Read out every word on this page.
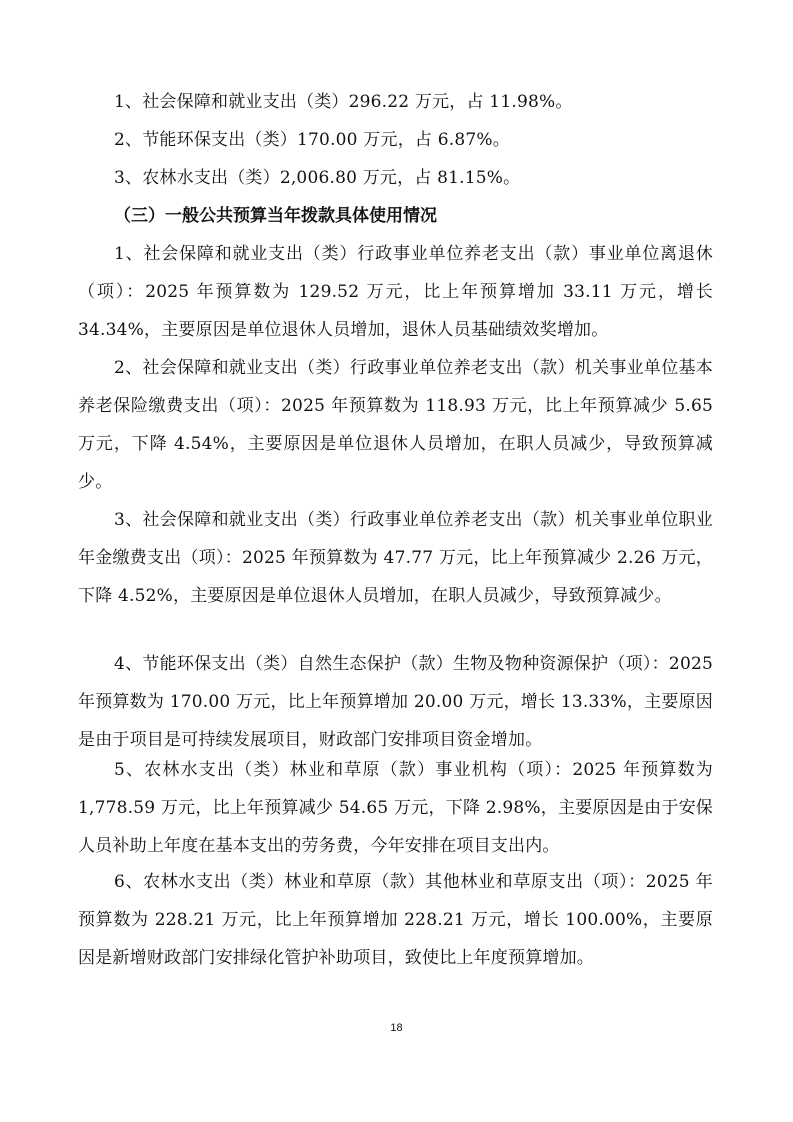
1、社会保障和就业支出（类）296.22 万元，占 11.98%。
2、节能环保支出（类）170.00 万元，占 6.87%。
3、农林水支出（类）2,006.80 万元，占 81.15%。
（三）一般公共预算当年拨款具体使用情况
1、社会保障和就业支出（类）行政事业单位养老支出（款）事业单位离退休（项）：2025 年预算数为 129.52 万元，比上年预算增加 33.11 万元，增长 34.34%，主要原因是单位退休人员增加，退休人员基础绩效奖增加。
2、社会保障和就业支出（类）行政事业单位养老支出（款）机关事业单位基本养老保险缴费支出（项）：2025 年预算数为 118.93 万元，比上年预算减少 5.65 万元，下降 4.54%，主要原因是单位退休人员增加，在职人员减少，导致预算减少。
3、社会保障和就业支出（类）行政事业单位养老支出（款）机关事业单位职业年金缴费支出（项）：2025 年预算数为 47.77 万元，比上年预算减少 2.26 万元，下降 4.52%，主要原因是单位退休人员增加，在职人员减少，导致预算减少。
4、节能环保支出（类）自然生态保护（款）生物及物种资源保护（项）：2025 年预算数为 170.00 万元，比上年预算增加 20.00 万元，增长 13.33%，主要原因是由于项目是可持续发展项目，财政部门安排项目资金增加。
5、农林水支出（类）林业和草原（款）事业机构（项）：2025 年预算数为 1,778.59 万元，比上年预算减少 54.65 万元，下降 2.98%，主要原因是由于安保人员补助上年度在基本支出的劳务费，今年安排在项目支出内。
6、农林水支出（类）林业和草原（款）其他林业和草原支出（项）：2025 年预算数为 228.21 万元，比上年预算增加 228.21 万元，增长 100.00%，主要原因是新增财政部门安排绿化管护补助项目，致使比上年度预算增加。
18
